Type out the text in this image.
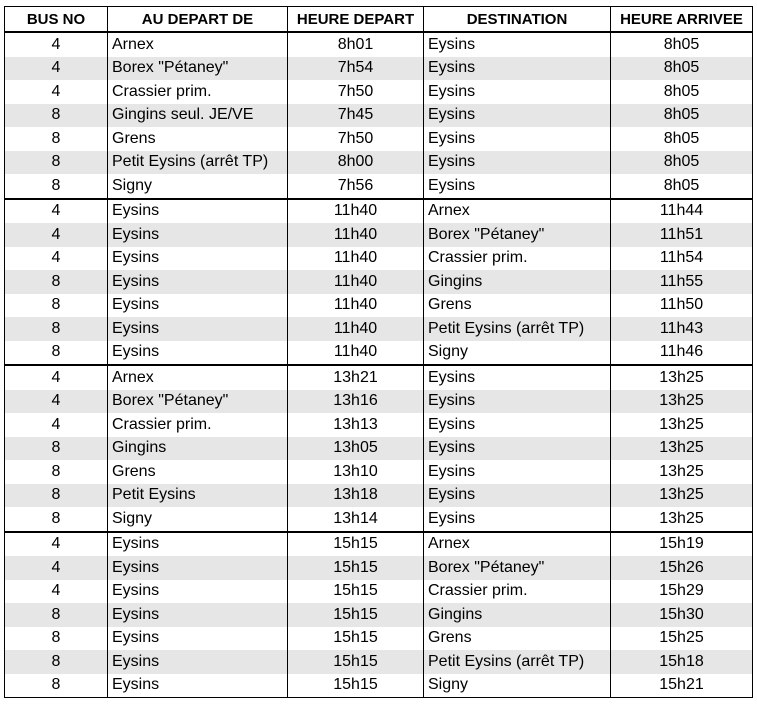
BUS NO	AU DEPART DE	HEURE DEPART	DESTINATION	HEURE ARRIVEE
4	Arnex	8h01	Eysins	8h05
4	Borex "Pétaney"	7h54	Eysins	8h05
4	Crassier prim.	7h50	Eysins	8h05
8	Gingins seul. JE/VE	7h45	Eysins	8h05
8	Grens	7h50	Eysins	8h05
8	Petit Eysins (arrêt TP)	8h00	Eysins	8h05
8	Signy	7h56	Eysins	8h05
4	Eysins	11h40	Arnex	11h44
4	Eysins	11h40	Borex "Pétaney"	11h51
4	Eysins	11h40	Crassier prim.	11h54
8	Eysins	11h40	Gingins	11h55
8	Eysins	11h40	Grens	11h50
8	Eysins	11h40	Petit Eysins (arrêt TP)	11h43
8	Eysins	11h40	Signy	11h46
4	Arnex	13h21	Eysins	13h25
4	Borex "Pétaney"	13h16	Eysins	13h25
4	Crassier prim.	13h13	Eysins	13h25
8	Gingins	13h05	Eysins	13h25
8	Grens	13h10	Eysins	13h25
8	Petit Eysins	13h18	Eysins	13h25
8	Signy	13h14	Eysins	13h25
4	Eysins	15h15	Arnex	15h19
4	Eysins	15h15	Borex "Pétaney"	15h26
4	Eysins	15h15	Crassier prim.	15h29
8	Eysins	15h15	Gingins	15h30
8	Eysins	15h15	Grens	15h25
8	Eysins	15h15	Petit Eysins (arrêt TP)	15h18
8	Eysins	15h15	Signy	15h21
